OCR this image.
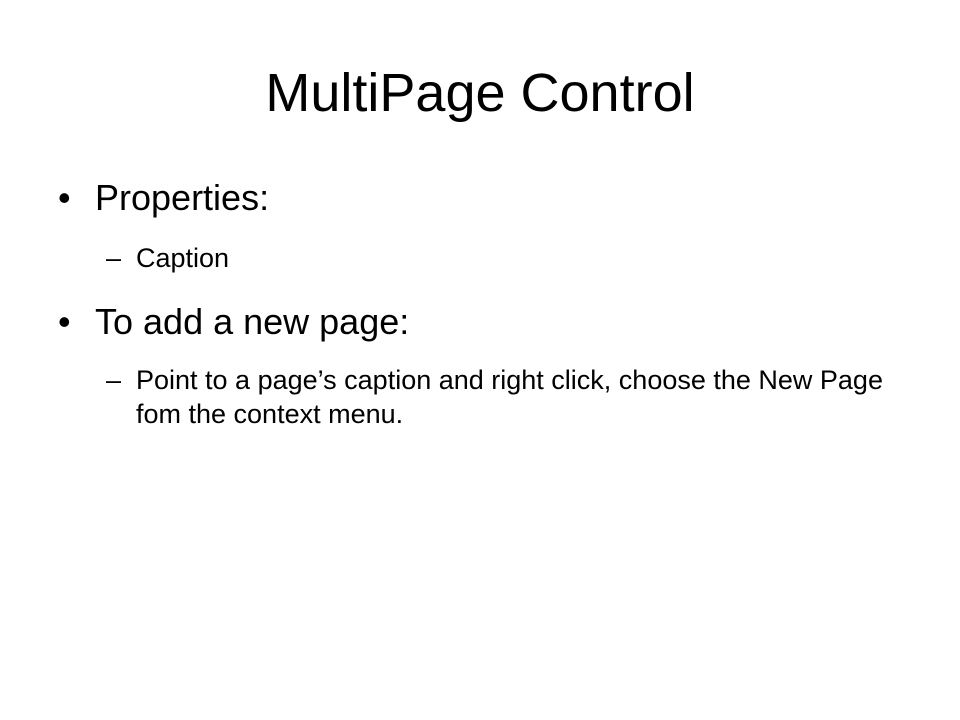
MultiPage Control
• Properties:
– Caption
• To add a new page:
– Point to a page’s caption and right click, choose the New Page fom the context menu.
